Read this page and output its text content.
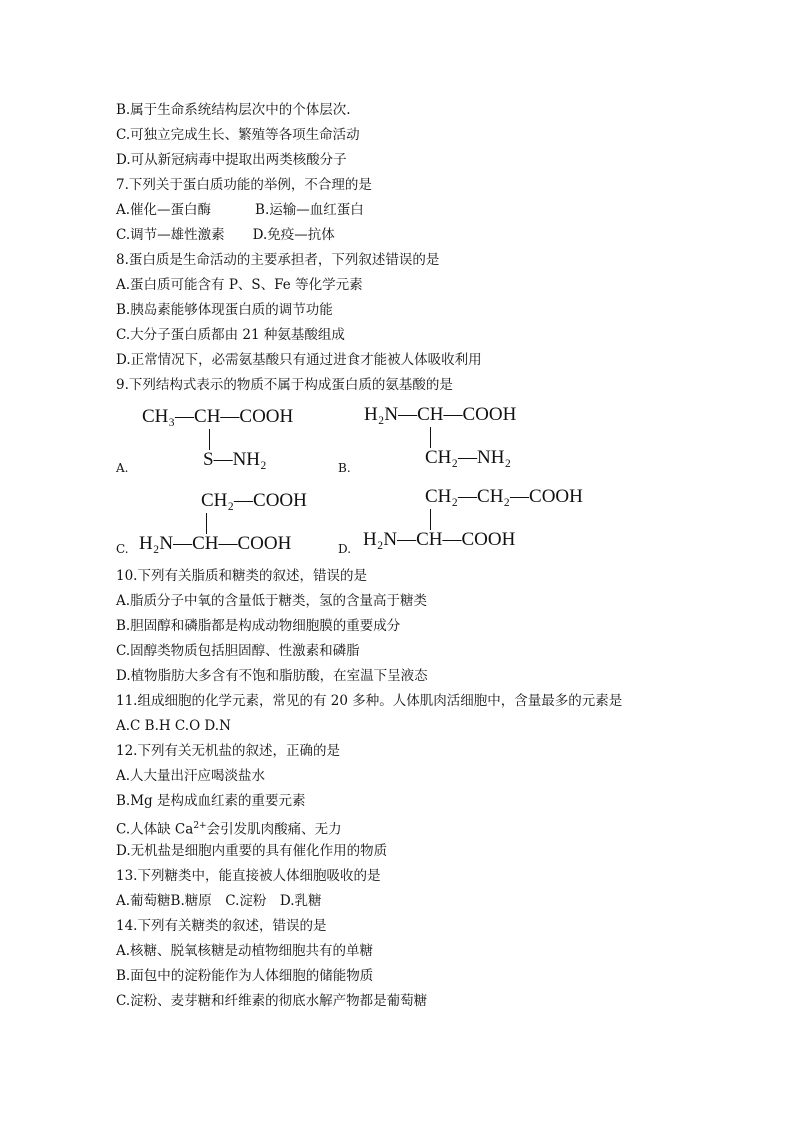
B.属于生命系统结构层次中的个体层次.
C.可独立完成生长、繁殖等各项生命活动
D.可从新冠病毒中提取出两类核酸分子
7.下列关于蛋白质功能的举例，不合理的是
A.催化—蛋白酶	B.运输—血红蛋白
C.调节—雄性激素 D.免疫—抗体
8.蛋白质是生命活动的主要承担者，下列叙述错误的是
A.蛋白质可能含有 P、S、Fe 等化学元素
B.胰岛素能够体现蛋白质的调节功能
C.大分子蛋白质都由 21 种氨基酸组成
D.正常情况下，必需氨基酸只有通过进食才能被人体吸收利用
9.下列结构式表示的物质不属于构成蛋白质的氨基酸的是
CH₃—CH—COOH
S—NH₂
A.
H₂N—CH—COOH
CH₂—NH₂
B.
CH₂—COOH
H₂N—CH—COOH
C.
CH₂—CH₂—COOH
H₂N—CH—COOH
D.
10.下列有关脂质和糖类的叙述，错误的是
A.脂质分子中氧的含量低于糖类，氢的含量高于糖类
B.胆固醇和磷脂都是构成动物细胞膜的重要成分
C.固醇类物质包括胆固醇、性激素和磷脂
D.植物脂肪大多含有不饱和脂肪酸，在室温下呈液态
11.组成细胞的化学元素，常见的有 20 多种。人体肌肉活细胞中，含量最多的元素是
A.C B.H C.O D.N
12.下列有关无机盐的叙述，正确的是
A.人大量出汗应喝淡盐水
B.Mg 是构成血红素的重要元素
C.人体缺 $Ca^{2+}$会引发肌肉酸痛、无力
D.无机盐是细胞内重要的具有催化作用的物质
13.下列糖类中，能直接被人体细胞吸收的是
A.葡萄糖B.糖原　C.淀粉　D.乳糖
14.下列有关糖类的叙述，错误的是
A.核糖、脱氧核糖是动植物细胞共有的单糖
B.面包中的淀粉能作为人体细胞的储能物质
C.淀粉、麦芽糖和纤维素的彻底水解产物都是葡萄糖
